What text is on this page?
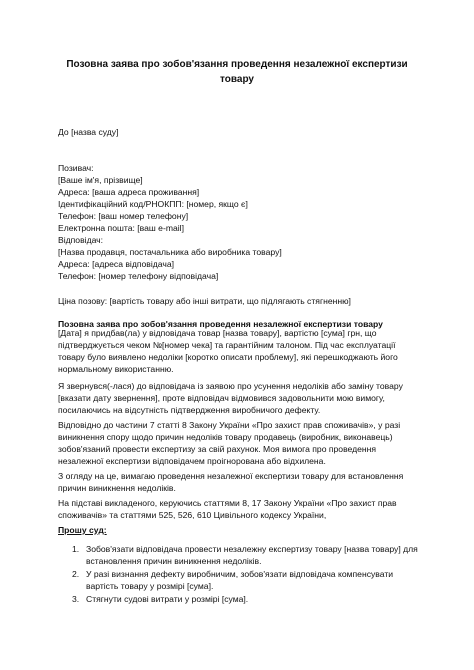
Позовна заява про зобов'язання проведення незалежної експертизи товару
До [назва суду]
Позивач:
[Ваше ім'я, прізвище]
Адреса: [ваша адреса проживання]
Ідентифікаційний код/РНОКПП: [номер, якщо є]
Телефон: [ваш номер телефону]
Електронна пошта: [ваш e-mail]
Відповідач:
[Назва продавця, постачальника або виробника товару]
Адреса: [адреса відповідача]
Телефон: [номер телефону відповідача]
Ціна позову: [вартість товару або інші витрати, що підлягають стягненню]
Позовна заява про зобов'язання проведення незалежної експертизи товару
[Дата] я придбав(ла) у відповідача товар [назва товару], вартістю [сума] грн, що підтверджується чеком №[номер чека] та гарантійним талоном. Під час експлуатації товару було виявлено недоліки [коротко описати проблему], які перешкоджають його нормальному використанню.
Я звернувся(-лася) до відповідача із заявою про усунення недоліків або заміну товару [вказати дату звернення], проте відповідач відмовився задовольнити мою вимогу, посилаючись на відсутність підтвердження виробничого дефекту.
Відповідно до частини 7 статті 8 Закону України «Про захист прав споживачів», у разі виникнення спору щодо причин недоліків товару продавець (виробник, виконавець) зобов'язаний провести експертизу за свій рахунок. Моя вимога про проведення незалежної експертизи відповідачем проігнорована або відхилена.
З огляду на це, вимагаю проведення незалежної експертизи товару для встановлення причин виникнення недоліків.
На підставі викладеного, керуючись статтями 8, 17 Закону України «Про захист прав споживачів» та статтями 525, 526, 610 Цивільного кодексу України,
Прошу суд:
1. Зобов'язати відповідача провести незалежну експертизу товару [назва товару] для встановлення причин виникнення недоліків.
2. У разі визнання дефекту виробничим, зобов'язати відповідача компенсувати вартість товару у розмірі [сума].
3. Стягнути судові витрати у розмірі [сума].
